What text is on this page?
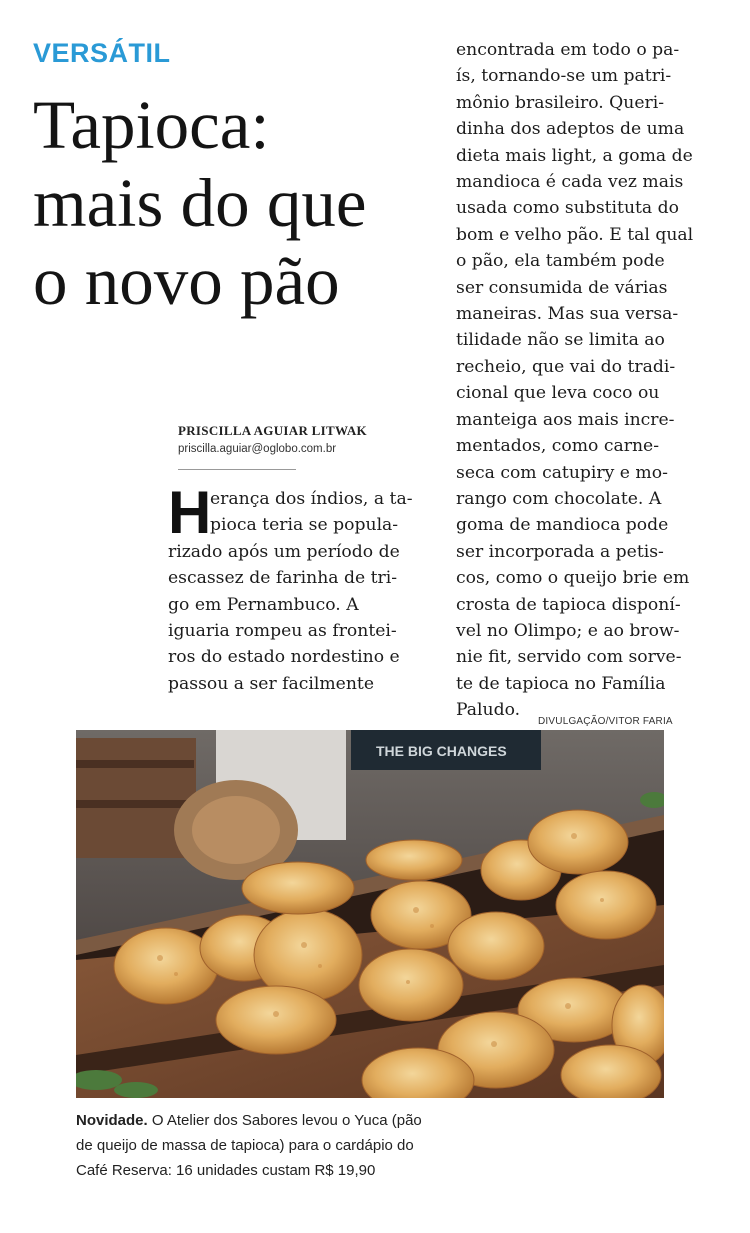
VERSÁTIL
Tapioca:
mais do que
o novo pão
PRISCILLA AGUIAR LITWAK
priscilla.aguiar@oglobo.com.br
H
erança dos índios, a ta-
pioca teria se popula-
rizado após um período de
escassez de farinha de tri-
go em Pernambuco. A
iguaria rompeu as frontei-
ros do estado nordestino e
passou a ser facilmente
encontrada em todo o pa-
ís, tornando-se um patri-
mônio brasileiro. Queri-
dinha dos adeptos de uma
dieta mais light, a goma de
mandioca é cada vez mais
usada como substituta do
bom e velho pão. E tal qual
o pão, ela também pode
ser consumida de várias
maneiras. Mas sua versa-
tilidade não se limita ao
recheio, que vai do tradi-
cional que leva coco ou
manteiga aos mais incre-
mentados, como carne-
seca com catupiry e mo-
rango com chocolate. A
goma de mandioca pode
ser incorporada a petis-
cos, como o queijo brie em
crosta de tapioca disponí-
vel no Olimpo; e ao brow-
nie fit, servido com sorve-
te de tapioca no Família
Paludo.
DIVULGAÇÃO/VITOR FARIA
THE BIG CHANGES
Novidade. O Atelier dos Sabores levou o Yuca (pão
de queijo de massa de tapioca) para o cardápio do
Café Reserva: 16 unidades custam R$ 19,90
